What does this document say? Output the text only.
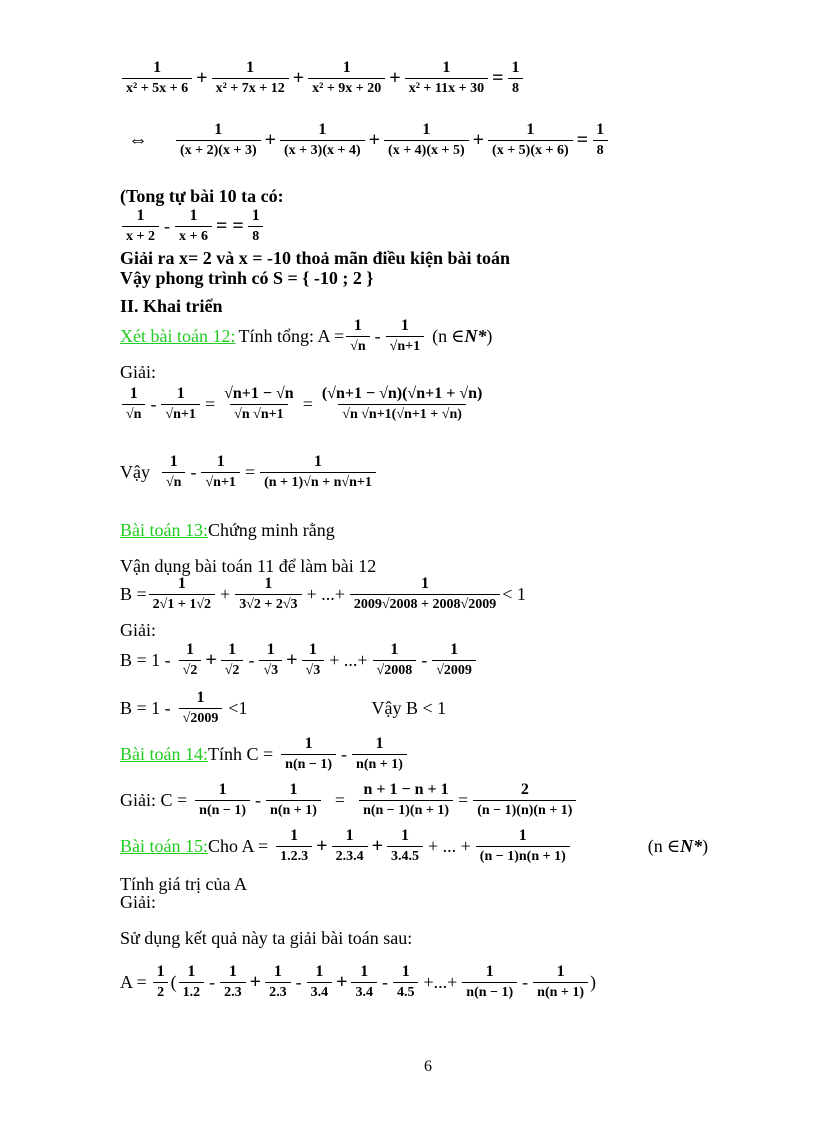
$\frac{1}{\text{x² + 5x + 6}} + \frac{1}{\text{x² + 7x + 12}} + \frac{1}{\text{x² + 9x + 20}} + \frac{1}{\text{x² + 11x + 30}} = \frac{1}{8}$
⇔ $\frac{1}{(x + 2)(x + 3)} + \frac{1}{(x + 3)(x + 4)} + \frac{1}{(x + 4)(x + 5)} + \frac{1}{(x + 5)(x + 6)} = \frac{1}{8}$
(Tong tự bài 10 ta có:
$\frac{1}{x + 2} - \frac{1}{x + 6}$ = = $\frac{1}{8}$
Giải ra x= 2 và x = -10 thoả mãn điều kiện bài toán
Vậy phong trình có S = { -10 ; 2 }
II. Khai triển
Xét bài toán 12: Tính tổng: $A = \frac{1}{√n} - \frac{1}{√n+1} (n$ ∈ N* )
Giải:
$\frac{1}{√n} - \frac{1}{√n+1} = \frac{√n+1 - √n}{√n √n+1} = \frac{(√n+1 - √n)(√n+1 + √n)}{√n √n+1(√n+1 + √n)}$
Vậy $\frac{1}{√n} - \frac{1}{√n+1} = \frac{1}{(n + 1)√n + n√n+1}$
Bài toán 13: Chứng minh rằng
Vận dụng bài toán 11 để làm bài 12
$B = \frac{1}{2√1 + 1√2} + \frac{1}{3√2 + 2√3}$ + ...+ $\frac{1}{2009√2008 + 2008√2009} < 1$
Giải:
$B = 1 - \frac{1}{√2} + \frac{1}{√2} - \frac{1}{√3} + \frac{1}{√3}$ + ...+ $\frac{1}{√2008} - \frac{1}{√2009}$
$B = 1 - \frac{1}{√2009} <1$	Vậy B < 1
Bài toán 14: Tính $C = \frac{1}{n(n - 1)} - \frac{1}{n(n + 1)}$
Giải: $C = \frac{1}{n(n - 1)} - \frac{1}{n(n + 1)} = \frac{n + 1 - n + 1}{n(n - 1)(n + 1)} = \frac{2}{(n - 1)(n)(n + 1)}$
Bài toán 15: Cho $A = \frac{1}{1.2.3} + \frac{1}{2.3.4} + \frac{1}{3.4.5}$ + ... + $\frac{1}{(n - 1)n(n + 1)}$	(n ∈ N* )
Tính giá trị của A
Giải:
Sử dụng kết quả này ta giải bài toán sau:
$A = \frac{1}{2}$ ( $\frac{1}{1.2} - \frac{1}{2.3} + \frac{1}{2.3} - \frac{1}{3.4} + \frac{1}{3.4} - \frac{1}{4.5}$ +...+ $\frac{1}{n(n - 1)} - \frac{1}{n(n + 1)}$ )
6
